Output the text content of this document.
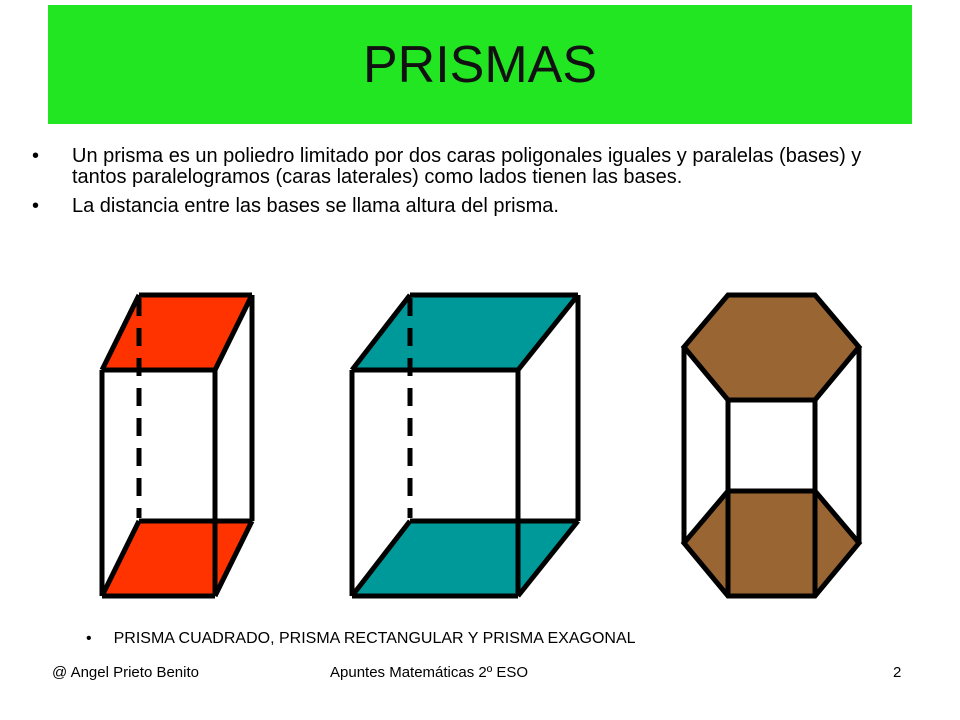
PRISMAS
• Un prisma es un poliedro limitado por dos caras poligonales iguales y paralelas (bases) y tantos paralelogramos (caras laterales) como lados tienen las bases.
• La distancia entre las bases se llama altura del prisma.
• PRISMA CUADRADO, PRISMA RECTANGULAR Y PRISMA EXAGONAL
@ Angel Prieto Benito	Apuntes Matemáticas 2º ESO	2
